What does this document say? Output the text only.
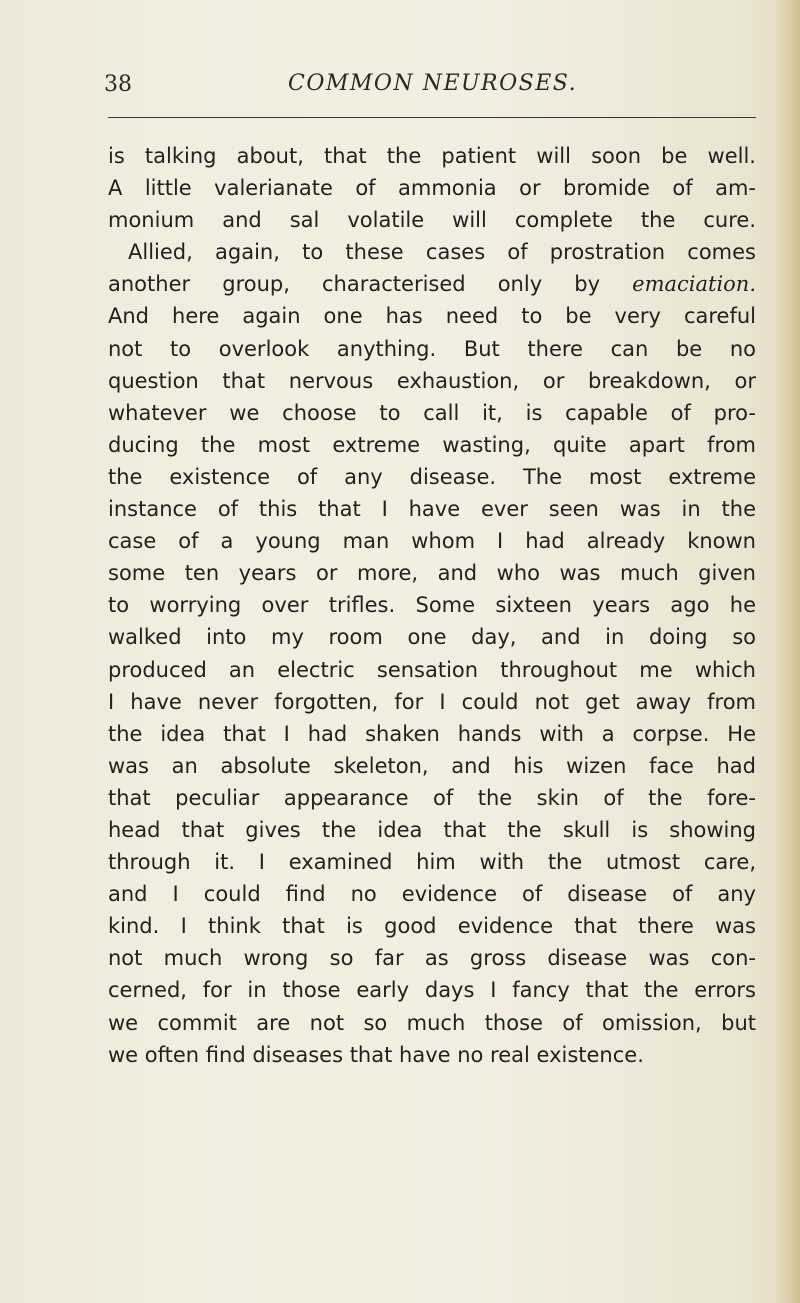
38	COMMON NEUROSES.
is talking about, that the patient will soon be well.
A little valerianate of ammonia or bromide of am-
monium and sal volatile will complete the cure.
Allied, again, to these cases of prostration comes
another group, characterised only by emaciation.
And here again one has need to be very careful
not to overlook anything. But there can be no
question that nervous exhaustion, or breakdown, or
whatever we choose to call it, is capable of pro-
ducing the most extreme wasting, quite apart from
the existence of any disease. The most extreme
instance of this that I have ever seen was in the
case of a young man whom I had already known
some ten years or more, and who was much given
to worrying over trifles. Some sixteen years ago he
walked into my room one day, and in doing so
produced an electric sensation throughout me which
I have never forgotten, for I could not get away from
the idea that I had shaken hands with a corpse. He
was an absolute skeleton, and his wizen face had
that peculiar appearance of the skin of the fore-
head that gives the idea that the skull is showing
through it. I examined him with the utmost care,
and I could find no evidence of disease of any
kind. I think that is good evidence that there was
not much wrong so far as gross disease was con-
cerned, for in those early days I fancy that the errors
we commit are not so much those of omission, but
we often find diseases that have no real existence.
